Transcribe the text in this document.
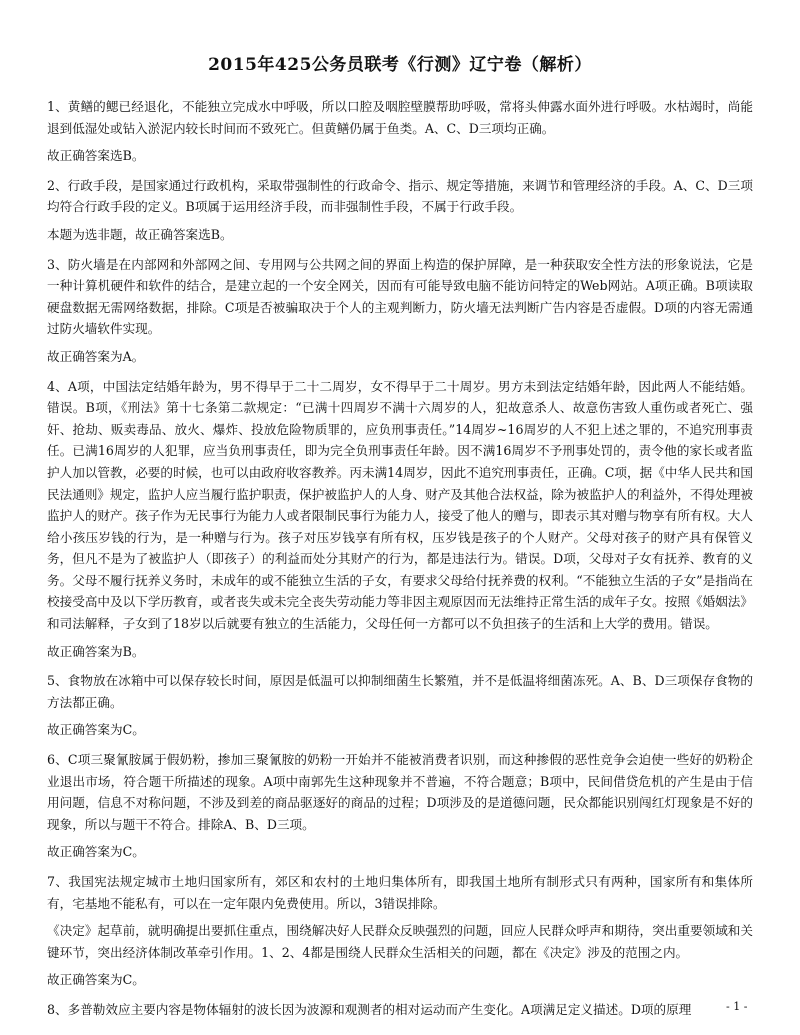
2015年425公务员联考《行测》辽宁卷（解析）

1、黄鳝的鳃已经退化，不能独立完成水中呼吸，所以口腔及咽腔壁膜帮助呼吸，常将头伸露水面外进行呼吸。水枯竭时，尚能退到低湿处或钻入淤泥内较长时间而不致死亡。但黄鳝仍属于鱼类。A、C、D三项均正确。

故正确答案选B。

2、行政手段，是国家通过行政机构，采取带强制性的行政命令、指示、规定等措施，来调节和管理经济的手段。A、C、D三项均符合行政手段的定义。B项属于运用经济手段，而非强制性手段，不属于行政手段。

本题为选非题，故正确答案选B。

3、防火墙是在内部网和外部网之间、专用网与公共网之间的界面上构造的保护屏障，是一种获取安全性方法的形象说法，它是一种计算机硬件和软件的结合，是建立起的一个安全网关，因而有可能导致电脑不能访问特定的Web网站。A项正确。B项读取硬盘数据无需网络数据，排除。C项是否被骗取决于个人的主观判断力，防火墙无法判断广告内容是否虚假。D项的内容无需通过防火墙软件实现。

故正确答案为A。

4、A项，中国法定结婚年龄为，男不得早于二十二周岁，女不得早于二十周岁。男方未到法定结婚年龄，因此两人不能结婚。错误。B项，《刑法》第十七条第二款规定：“已满十四周岁不满十六周岁的人，犯故意杀人、故意伤害致人重伤或者死亡、强奸、抢劫、贩卖毒品、放火、爆炸、投放危险物质罪的，应负刑事责任。”14周岁~16周岁的人不犯上述之罪的，不追究刑事责任。已满16周岁的人犯罪，应当负刑事责任，即为完全负刑事责任年龄。因不满16周岁不予刑事处罚的，责令他的家长或者监护人加以管教，必要的时候，也可以由政府收容教养。丙未满14周岁，因此不追究刑事责任，正确。C项，据《中华人民共和国民法通则》规定，监护人应当履行监护职责，保护被监护人的人身、财产及其他合法权益，除为被监护人的利益外，不得处理被监护人的财产。孩子作为无民事行为能力人或者限制民事行为能力人，接受了他人的赠与，即表示其对赠与物享有所有权。大人给小孩压岁钱的行为，是一种赠与行为。孩子对压岁钱享有所有权，压岁钱是孩子的个人财产。父母对孩子的财产具有保管义务，但凡不是为了被监护人（即孩子）的利益而处分其财产的行为，都是违法行为。错误。D项，父母对子女有抚养、教育的义务。父母不履行抚养义务时，未成年的或不能独立生活的子女，有要求父母给付抚养费的权利。“不能独立生活的子女”是指尚在校接受高中及以下学历教育，或者丧失或未完全丧失劳动能力等非因主观原因而无法维持正常生活的成年子女。按照《婚姻法》和司法解释，子女到了18岁以后就要有独立的生活能力，父母任何一方都可以不负担孩子的生活和上大学的费用。错误。

故正确答案为B。

5、食物放在冰箱中可以保存较长时间，原因是低温可以抑制细菌生长繁殖，并不是低温将细菌冻死。A、B、D三项保存食物的方法都正确。

故正确答案为C。

6、C项三聚氰胺属于假奶粉，掺加三聚氰胺的奶粉一开始并不能被消费者识别，而这种掺假的恶性竞争会迫使一些好的奶粉企业退出市场，符合题干所描述的现象。A项中南郭先生这种现象并不普遍，不符合题意；B项中，民间借贷危机的产生是由于信用问题，信息不对称问题，不涉及到差的商品驱逐好的商品的过程；D项涉及的是道德问题，民众都能识别闯红灯现象是不好的现象，所以与题干不符合。排除A、B、D三项。

故正确答案为C。

7、我国宪法规定城市土地归国家所有，郊区和农村的土地归集体所有，即我国土地所有制形式只有两种，国家所有和集体所有，宅基地不能私有，可以在一定年限内免费使用。所以，3错误排除。

《决定》起草前，就明确提出要抓住重点，围绕解决好人民群众反映强烈的问题，回应人民群众呼声和期待，突出重要领域和关键环节，突出经济体制改革牵引作用。1、2、4都是围绕人民群众生活相关的问题，都在《决定》涉及的范围之内。

故正确答案为C。

8、多普勒效应主要内容是物体辐射的波长因为波源和观测者的相对运动而产生变化。A项满足定义描述。D项的原理	- 1 -
